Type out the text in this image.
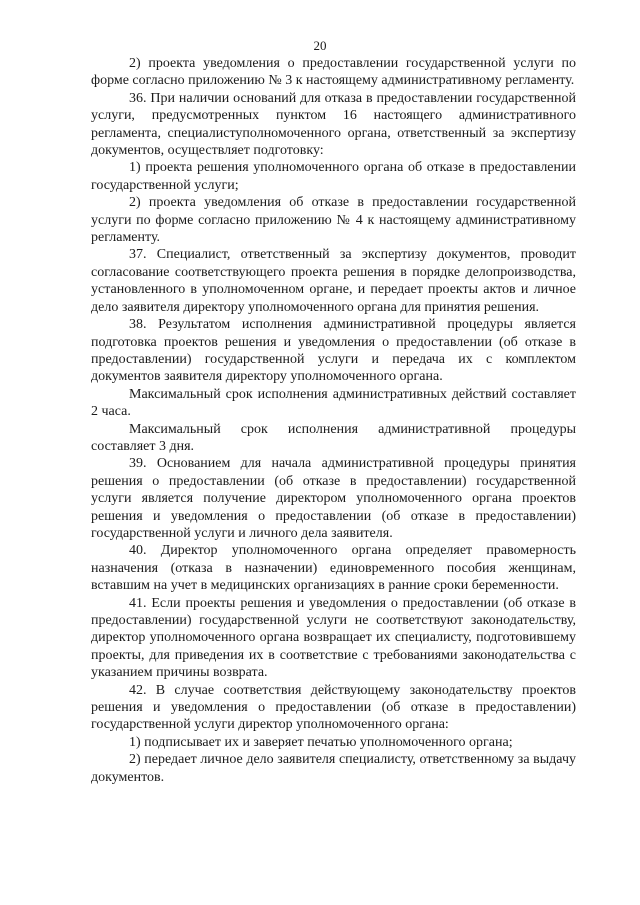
20

2) проекта уведомления о предоставлении государственной услуги по форме согласно приложению № 3 к настоящему административному регламенту.

36. При наличии оснований для отказа в предоставлении государственной услуги, предусмотренных пунктом 16 настоящего административного регламента, специалиступолномоченного органа, ответственный за экспертизу документов, осуществляет подготовку:

1) проекта решения уполномоченного органа об отказе в предоставлении государственной услуги;

2) проекта уведомления об отказе в предоставлении государственной услуги по форме согласно приложению № 4 к настоящему административному регламенту.

37. Специалист, ответственный за экспертизу документов, проводит согласование соответствующего проекта решения в порядке делопроизводства, установленного в уполномоченном органе, и передает проекты актов и личное дело заявителя директору уполномоченного органа для принятия решения.

38. Результатом исполнения административной процедуры является подготовка проектов решения и уведомления о предоставлении (об отказе в предоставлении) государственной услуги и передача их с комплектом документов заявителя директору уполномоченного органа.

Максимальный срок исполнения административных действий составляет 2 часа.

Максимальный срок исполнения административной процедуры составляет 3 дня.

39. Основанием для начала административной процедуры принятия решения о предоставлении (об отказе в предоставлении) государственной услуги является получение директором уполномоченного органа проектов решения и уведомления о предоставлении (об отказе в предоставлении) государственной услуги и личного дела заявителя.

40. Директор уполномоченного органа определяет правомерность назначения (отказа в назначении) единовременного пособия женщинам, вставшим на учет в медицинских организациях в ранние сроки беременности.

41. Если проекты решения и уведомления о предоставлении (об отказе в предоставлении) государственной услуги не соответствуют законодательству, директор уполномоченного органа возвращает их специалисту, подготовившему проекты, для приведения их в соответствие с требованиями законодательства с указанием причины возврата.

42. В случае соответствия действующему законодательству проектов решения и уведомления о предоставлении (об отказе в предоставлении) государственной услуги директор уполномоченного органа:

1) подписывает их и заверяет печатью уполномоченного органа;

2) передает личное дело заявителя специалисту, ответственному за выдачу документов.
